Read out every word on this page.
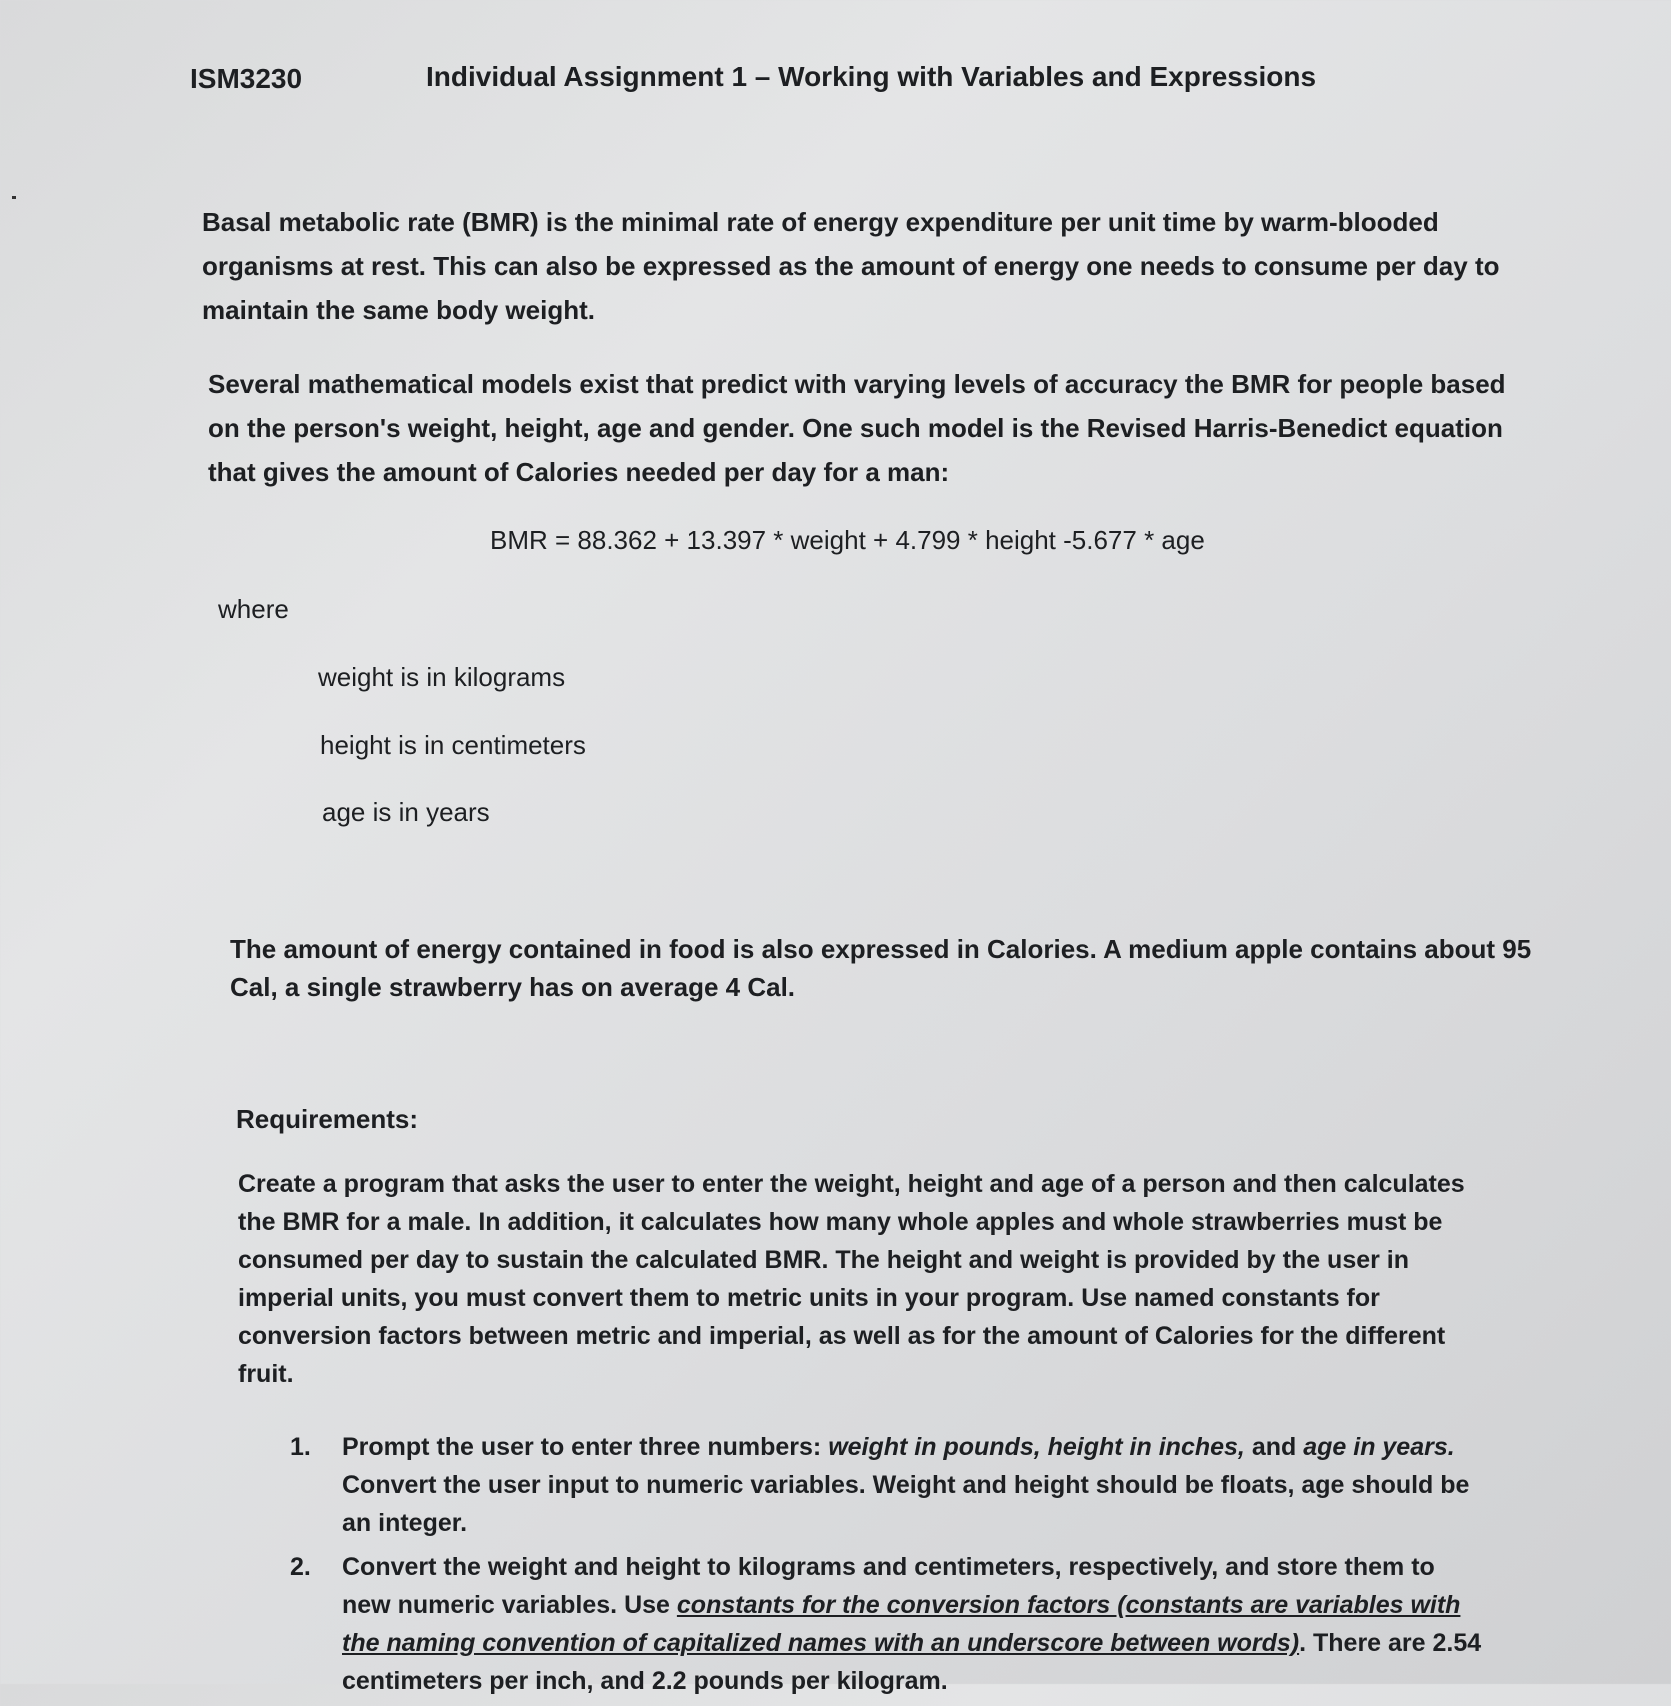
ISM3230	Individual Assignment 1 – Working with Variables and Expressions

Basal metabolic rate (BMR) is the minimal rate of energy expenditure per unit time by warm-blooded

organisms at rest. This can also be expressed as the amount of energy one needs to consume per day to

maintain the same body weight.

Several mathematical models exist that predict with varying levels of accuracy the BMR for people based

on the person's weight, height, age and gender. One such model is the Revised Harris-Benedict equation

that gives the amount of Calories needed per day for a man:

BMR = 88.362 + 13.397 * weight + 4.799 * height -5.677 * age
where
weight is in kilograms
height is in centimeters
age is in years

The amount of energy contained in food is also expressed in Calories. A medium apple contains about 95

Cal, a single strawberry has on average 4 Cal.

Requirements:

Create a program that asks the user to enter the weight, height and age of a person and then calculates

the BMR for a male. In addition, it calculates how many whole apples and whole strawberries must be

consumed per day to sustain the calculated BMR. The height and weight is provided by the user in

imperial units, you must convert them to metric units in your program. Use named constants for

conversion factors between metric and imperial, as well as for the amount of Calories for the different

fruit.

1. Prompt the user to enter three numbers: weight in pounds, height in inches, and age in years.

Convert the user input to numeric variables. Weight and height should be floats, age should be

an integer.

2. Convert the weight and height to kilograms and centimeters, respectively, and store them to

new numeric variables. Use constants for the conversion factors (constants are variables with

the naming convention of capitalized names with an underscore between words). There are 2.54

centimeters per inch, and 2.2 pounds per kilogram.
